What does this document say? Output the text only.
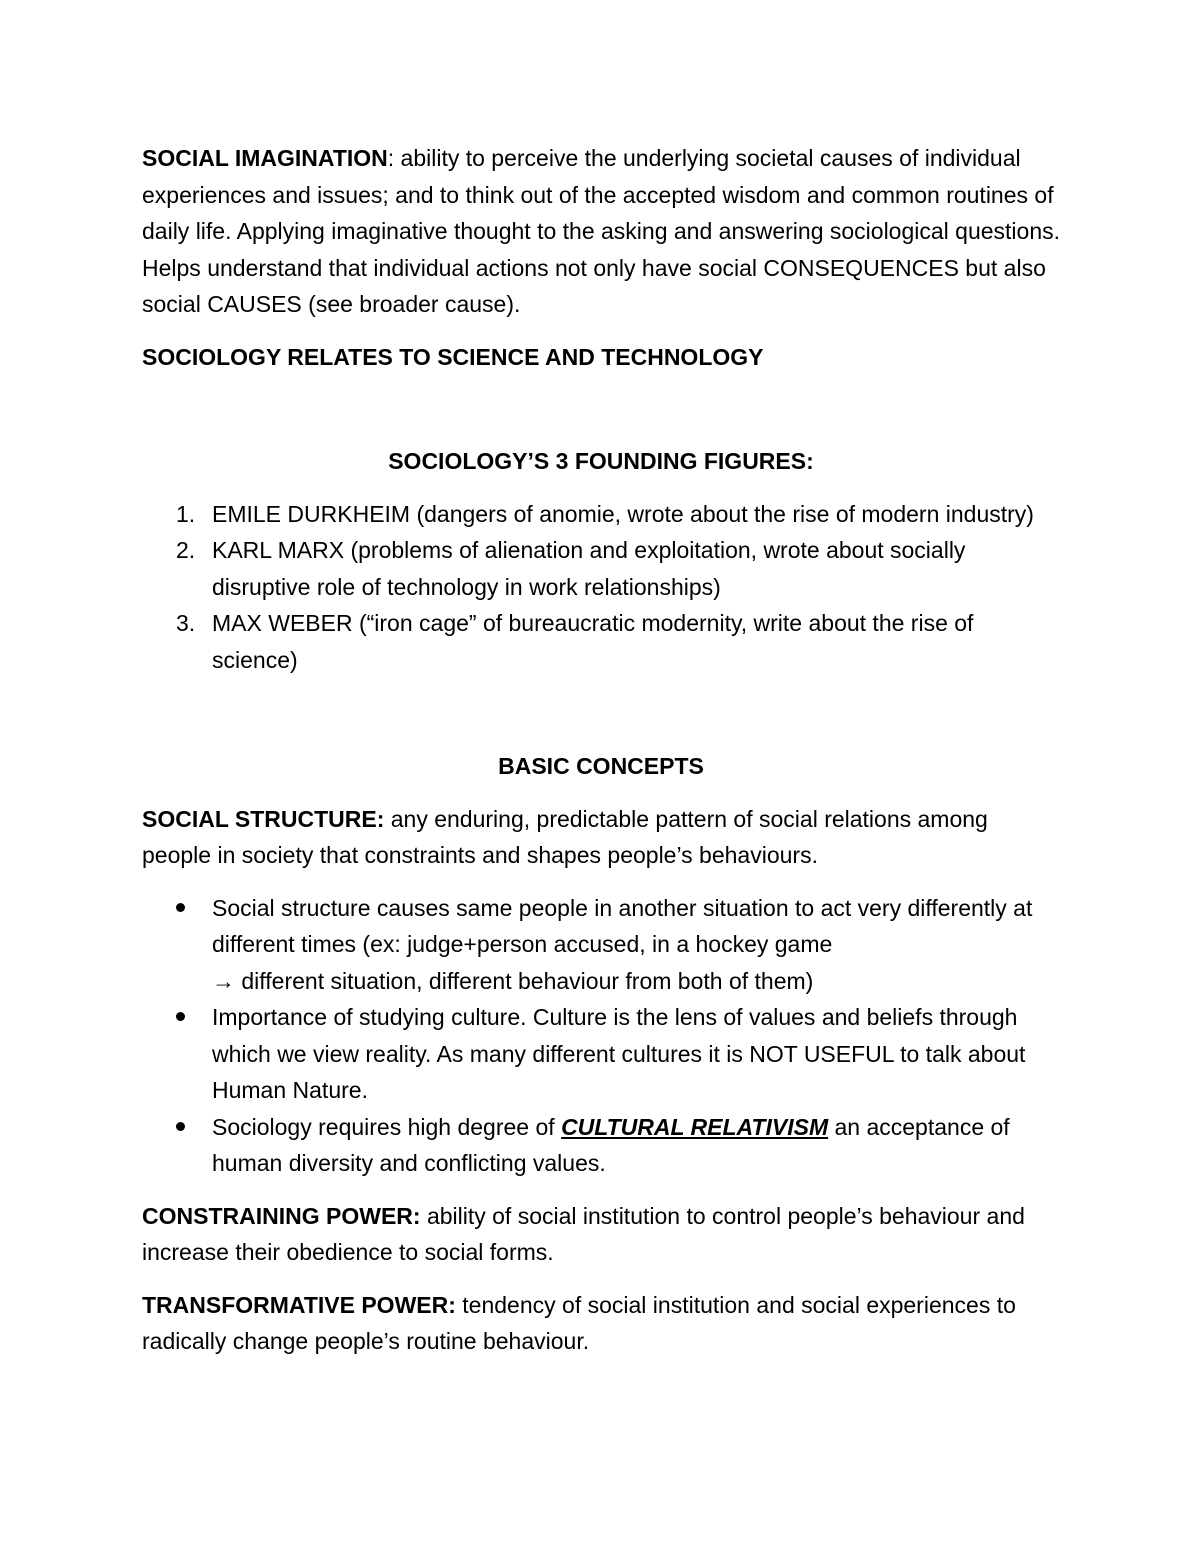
SOCIAL IMAGINATION: ability to perceive the underlying societal causes of individual experiences and issues; and to think out of the accepted wisdom and common routines of daily life. Applying imaginative thought to the asking and answering sociological questions. Helps understand that individual actions not only have social CONSEQUENCES but also social CAUSES (see broader cause).

SOCIOLOGY RELATES TO SCIENCE AND TECHNOLOGY

SOCIOLOGY’S 3 FOUNDING FIGURES:

1. EMILE DURKHEIM (dangers of anomie, wrote about the rise of modern industry)
2. KARL MARX (problems of alienation and exploitation, wrote about socially disruptive role of technology in work relationships)
3. MAX WEBER (“iron cage” of bureaucratic modernity, write about the rise of science)

BASIC CONCEPTS

SOCIAL STRUCTURE: any enduring, predictable pattern of social relations among people in society that constraints and shapes people’s behaviours.

Social structure causes same people in another situation to act very differently at different times (ex: judge+person accused, in a hockey game
→ different situation, different behaviour from both of them)
Importance of studying culture. Culture is the lens of values and beliefs through which we view reality. As many different cultures it is NOT USEFUL to talk about Human Nature.
Sociology requires high degree of CULTURAL RELATIVISM an acceptance of human diversity and conflicting values.

CONSTRAINING POWER: ability of social institution to control people’s behaviour and increase their obedience to social forms.

TRANSFORMATIVE POWER: tendency of social institution and social experiences to radically change people’s routine behaviour.
